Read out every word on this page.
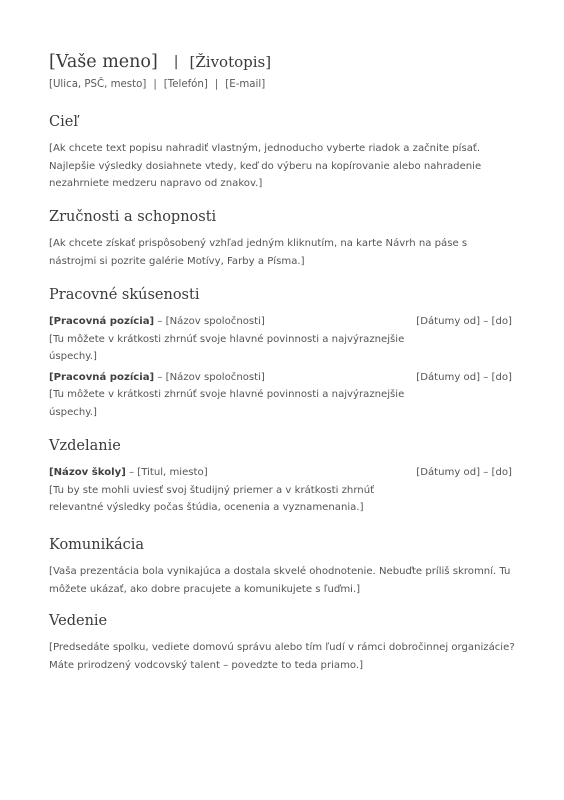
[Vaše meno] | [Životopis]
[Ulica, PSČ, mesto] | [Telefón] | [E-mail]
Cieľ

[Ak chcete text popisu nahradiť vlastným, jednoducho vyberte riadok a začnite písať. Najlepšie výsledky dosiahnete vtedy, keď do výberu na kopírovanie alebo nahradenie nezahrniete medzeru napravo od znakov.]

Zručnosti a schopnosti

[Ak chcete získať prispôsobený vzhľad jedným kliknutím, na karte Návrh na páse s nástrojmi si pozrite galérie Motívy, Farby a Písma.]

Pracovné skúsenosti
[Pracovná pozícia] – [Názov spoločnosti]	[Dátumy od] – [do]

[Tu môžete v krátkosti zhrnúť svoje hlavné povinnosti a najvýraznejšie úspechy.]

[Pracovná pozícia] – [Názov spoločnosti]	[Dátumy od] – [do]

[Tu môžete v krátkosti zhrnúť svoje hlavné povinnosti a najvýraznejšie úspechy.]

Vzdelanie
[Názov školy] – [Titul, miesto]	[Dátumy od] – [do]

[Tu by ste mohli uviesť svoj študijný priemer a v krátkosti zhrnúť relevantné výsledky počas štúdia, ocenenia a vyznamenania.]

Komunikácia

[Vaša prezentácia bola vynikajúca a dostala skvelé ohodnotenie. Nebuďte príliš skromní. Tu môžete ukázať, ako dobre pracujete a komunikujete s ľuďmi.]

Vedenie

[Predsedáte spolku, vediete domovú správu alebo tím ľudí v rámci dobročinnej organizácie? Máte prirodzený vodcovský talent – povedzte to teda priamo.]
